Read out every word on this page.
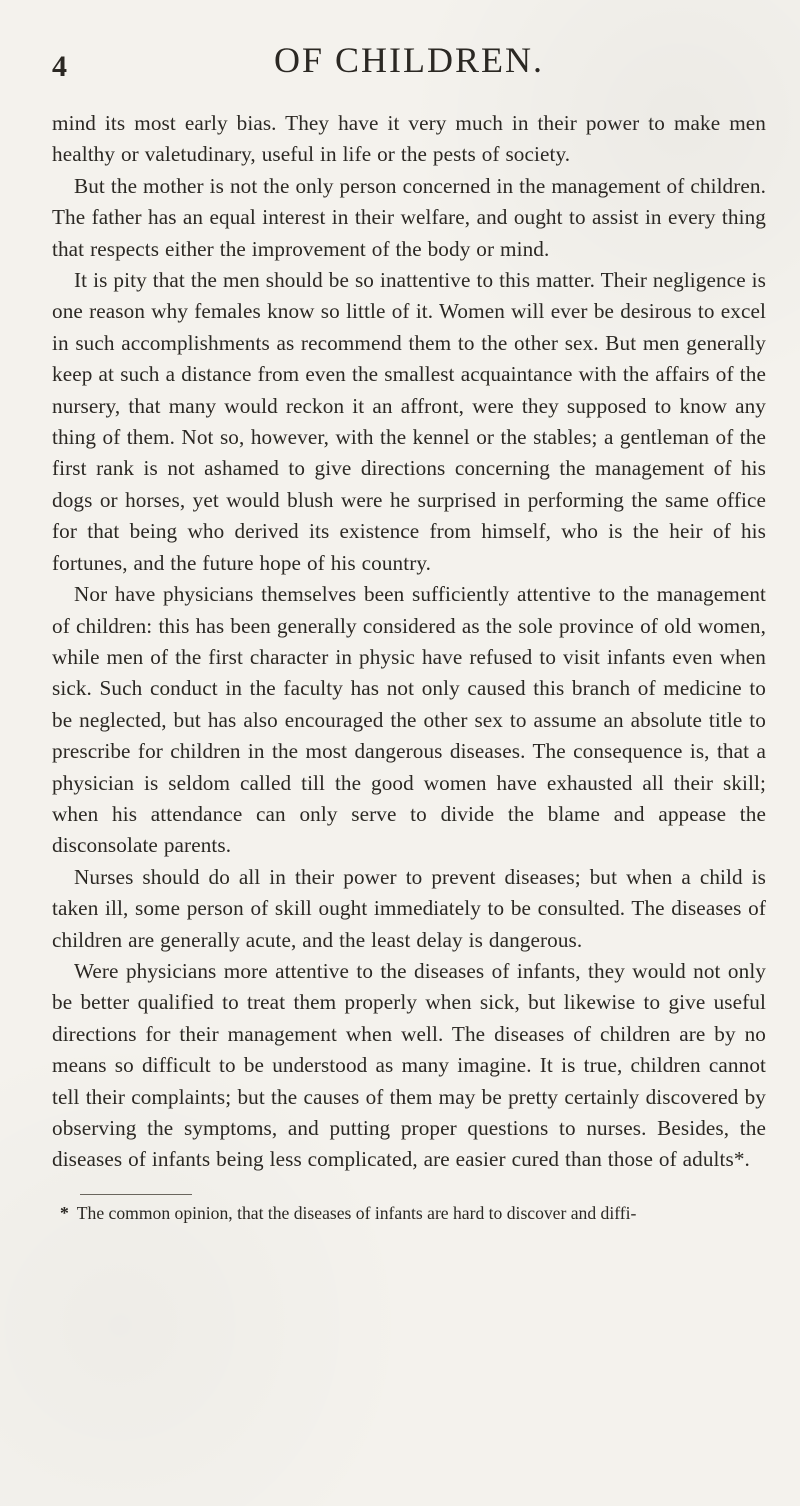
4	OF CHILDREN.

mind its most early bias. They have it very much in their power to make men healthy or valetudinary, useful in life or the pests of society.

But the mother is not the only person concerned in the management of children. The father has an equal interest in their welfare, and ought to assist in every thing that respects either the improvement of the body or mind.

It is pity that the men should be so inattentive to this matter. Their negligence is one reason why females know so little of it. Women will ever be desirous to excel in such accomplishments as recommend them to the other sex. But men generally keep at such a distance from even the smallest acquaintance with the affairs of the nursery, that many would reckon it an affront, were they supposed to know any thing of them. Not so, however, with the kennel or the stables; a gentleman of the first rank is not ashamed to give directions concerning the management of his dogs or horses, yet would blush were he surprised in performing the same office for that being who derived its existence from himself, who is the heir of his fortunes, and the future hope of his country.

Nor have physicians themselves been sufficiently attentive to the management of children: this has been generally considered as the sole province of old women, while men of the first character in physic have refused to visit infants even when sick. Such conduct in the faculty has not only caused this branch of medicine to be neglected, but has also encouraged the other sex to assume an absolute title to prescribe for children in the most dangerous diseases. The consequence is, that a physician is seldom called till the good women have exhausted all their skill; when his attendance can only serve to divide the blame and appease the disconsolate parents.

Nurses should do all in their power to prevent diseases; but when a child is taken ill, some person of skill ought immediately to be consulted. The diseases of children are generally acute, and the least delay is dangerous.

Were physicians more attentive to the diseases of infants, they would not only be better qualified to treat them properly when sick, but likewise to give useful directions for their management when well. The diseases of children are by no means so difficult to be understood as many imagine. It is true, children cannot tell their complaints; but the causes of them may be pretty certainly discovered by observing the symptoms, and putting proper questions to nurses. Besides, the diseases of infants being less complicated, are easier cured than those of adults*.

* The common opinion, that the diseases of infants are hard to discover and diffi-
